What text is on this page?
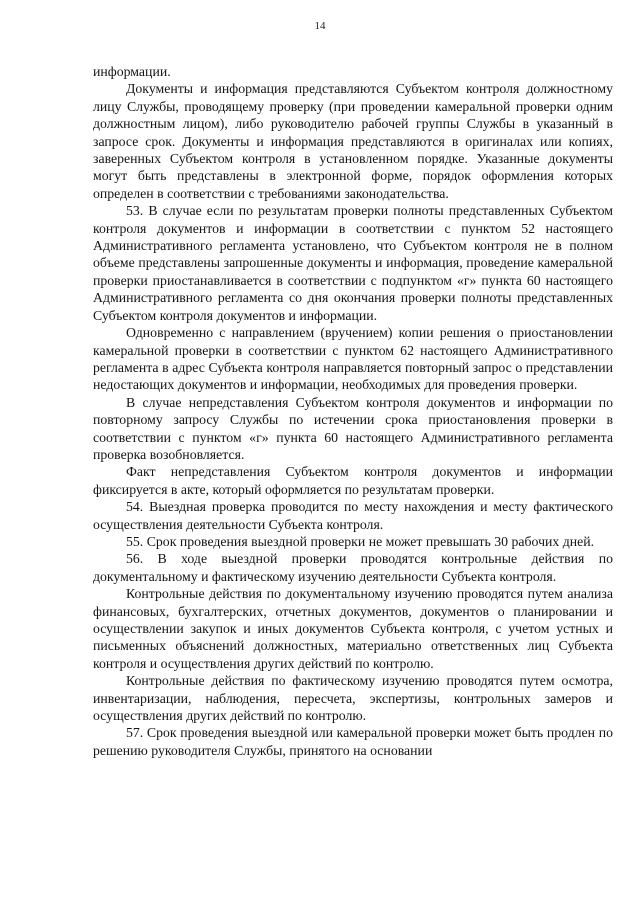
14

информации.

Документы и информация представляются Субъектом контроля должностному лицу Службы, проводящему проверку (при проведении камеральной проверки одним должностным лицом), либо руководителю рабочей группы Службы в указанный в запросе срок. Документы и информация представляются в оригиналах или копиях, заверенных Субъектом контроля в установленном порядке. Указанные документы могут быть представлены в электронной форме, порядок оформления которых определен в соответствии с требованиями законодательства.

53. В случае если по результатам проверки полноты представленных Субъектом контроля документов и информации в соответствии с пунктом 52 настоящего Административного регламента установлено, что Субъектом контроля не в полном объеме представлены запрошенные документы и информация, проведение камеральной проверки приостанавливается в соответствии с подпунктом «г» пункта 60 настоящего Административного регламента со дня окончания проверки полноты представленных Субъектом контроля документов и информации.

Одновременно с направлением (вручением) копии решения о приостановлении камеральной проверки в соответствии с пунктом 62 настоящего Административного регламента в адрес Субъекта контроля направляется повторный запрос о представлении недостающих документов и информации, необходимых для проведения проверки.

В случае непредставления Субъектом контроля документов и информации по повторному запросу Службы по истечении срока приостановления проверки в соответствии с пунктом «г» пункта 60 настоящего Административного регламента проверка возобновляется.

Факт непредставления Субъектом контроля документов и информации фиксируется в акте, который оформляется по результатам проверки.

54. Выездная проверка проводится по месту нахождения и месту фактического осуществления деятельности Субъекта контроля.

55. Срок проведения выездной проверки не может превышать 30 рабочих дней.

56. В ходе выездной проверки проводятся контрольные действия по документальному и фактическому изучению деятельности Субъекта контроля.

Контрольные действия по документальному изучению проводятся путем анализа финансовых, бухгалтерских, отчетных документов, документов о планировании и осуществлении закупок и иных документов Субъекта контроля, с учетом устных и письменных объяснений должностных, материально ответственных лиц Субъекта контроля и осуществления других действий по контролю.

Контрольные действия по фактическому изучению проводятся путем осмотра, инвентаризации, наблюдения, пересчета, экспертизы, контрольных замеров и осуществления других действий по контролю.

57. Срок проведения выездной или камеральной проверки может быть продлен по решению руководителя Службы, принятого на основании
